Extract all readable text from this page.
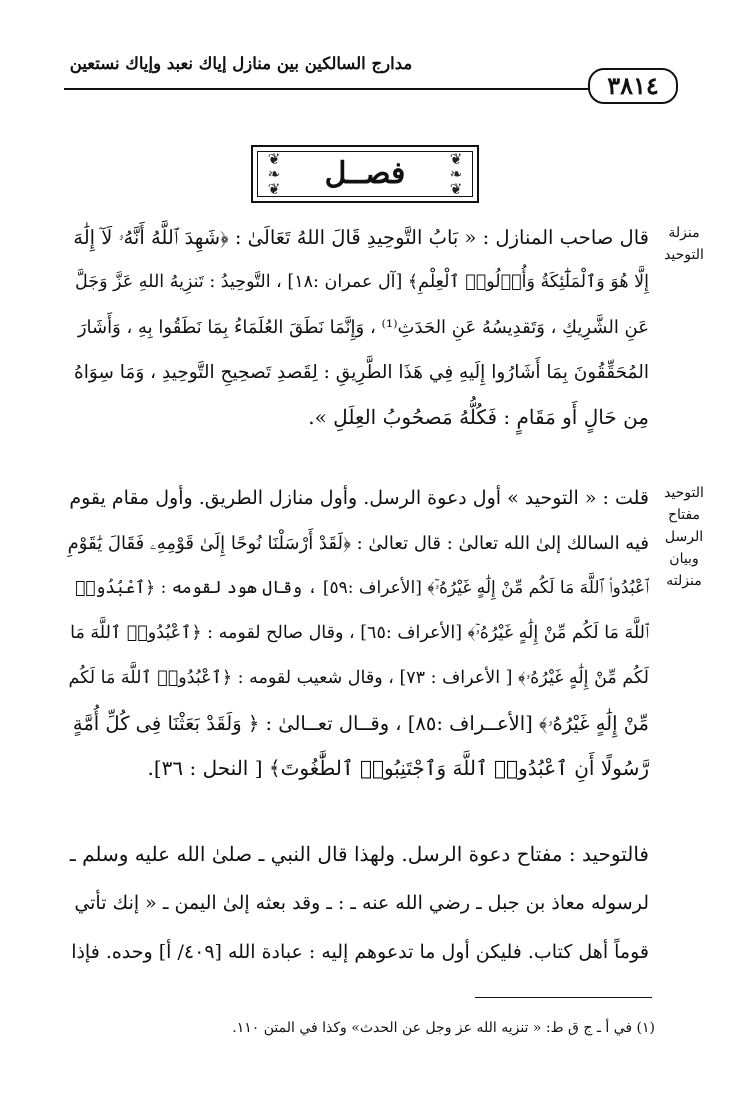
مدارج السالكين بين منازل إياك نعبد وإياك نستعين
٣٨١٤
❦
❧
❦
❦
❧
❦
فصــل
منزلة
التوحيد
التوحيد
مفتاح
الرسل
وبيان
منزلته
قال صاحب المنازل : « بَابُ التَّوحِيدِ قَالَ اللهُ تَعَالَىٰ : ﴿شَهِدَ ٱللَّهُ أَنَّهُۥ لَآ إِلَٰهَ
إِلَّا هُوَ وَٱلْمَلَٰٓئِكَةُ وَأُو۟لُوا۟ ٱلْعِلْمِ﴾ [آل عمران :١٨] ، التَّوحِيدُ : تَنزِيهُ اللهِ عَزَّ وَجَلَّ
عَنِ الشَّرِيكِ ، وَتَقدِيسُهُ عَنِ الحَدَثِ⁽¹⁾ ، وَإِنَّمَا نَطَقَ العُلَمَاءُ بِمَا نَطَقُوا بِهِ ، وَأَشَارَ
المُحَقِّقُونَ بِمَا أَشَارُوا إِلَيهِ فِي هَذَا الطَّرِيقِ : لِقَصدِ تَصحِيحِ التَّوحِيدِ ، وَمَا سِوَاهُ
مِن حَالٍ أَو مَقَامٍ : فَكُلُّهُ مَصحُوبُ العِلَلِ ».
قلت : « التوحيد » أول دعوة الرسل. وأول منازل الطريق. وأول مقام يقوم
فيه السالك إلىٰ الله تعالىٰ : قال تعالىٰ : ﴿لَقَدْ أَرْسَلْنَا نُوحًا إِلَىٰ قَوْمِهِۦ فَقَالَ يَٰقَوْمِ
ٱعْبُدُوا۟ ٱللَّهَ مَا لَكُم مِّنْ إِلَٰهٍ غَيْرُهُۥٓ﴾ [الأعراف :٥٩] ، وقال هود لقومه : ﴿ٱعْبُدُوا۟
ٱللَّهَ مَا لَكُم مِّنْ إِلَٰهٍ غَيْرُهُۥٓ﴾ [الأعراف :٦٥] ، وقال صالح لقومه : ﴿ٱعْبُدُوا۟ ٱللَّهَ مَا
لَكُم مِّنْ إِلَٰهٍ غَيْرُهُۥ﴾ [ الأعراف : ٧٣] ، وقال شعيب لقومه : ﴿ٱعْبُدُوا۟ ٱللَّهَ مَا لَكُم
مِّنْ إِلَٰهٍ غَيْرُهُۥ﴾ [الأعــراف :٨٥] ، وقــال تعــالىٰ : ﴿ وَلَقَدْ بَعَثْنَا فِى كُلِّ أُمَّةٍ
رَّسُولًا أَنِ ٱعْبُدُوا۟ ٱللَّهَ وَٱجْتَنِبُوا۟ ٱلطَّٰغُوتَ﴾ [ النحل : ٣٦].
فالتوحيد : مفتاح دعوة الرسل. ولهذا قال النبي ـ صلىٰ الله عليه وسلم ـ
لرسوله معاذ بن جبل ـ رضي الله عنه ـ : ـ وقد بعثه إلىٰ اليمن ـ « إنك تأتي
قوماً أهل كتاب. فليكن أول ما تدعوهم إليه : عبادة الله [٤٠٩/ أ] وحده. فإذا
(١) في أ ـ ج ق ط: « تنزيه الله عز وجل عن الحدث» وكذا في المتن ١١٠.
